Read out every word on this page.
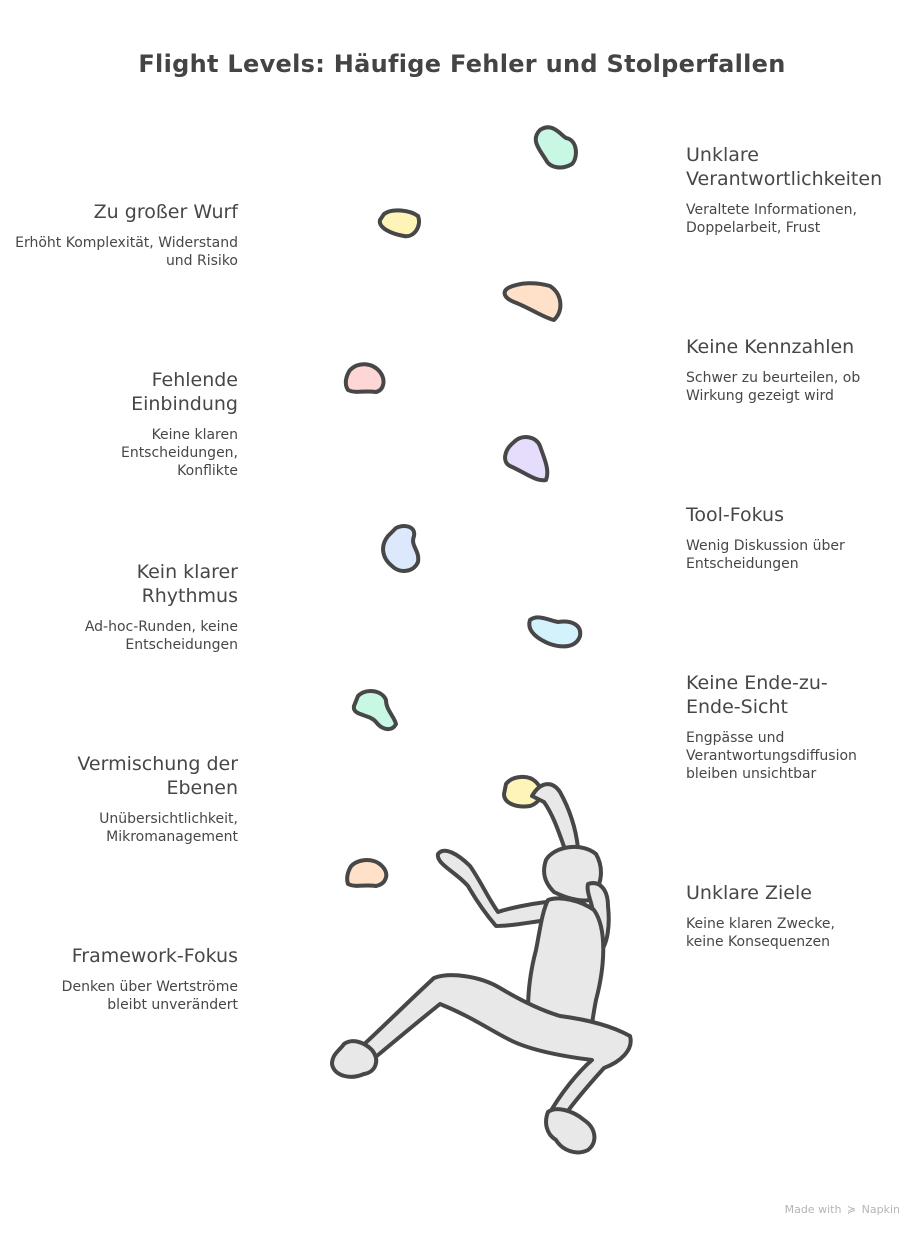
Flight Levels: Häufige Fehler und Stolperfallen
Zu großer Wurf
Erhöht Komplexität, Widerstand und Risiko
Fehlende Einbindung
Keine klaren Entscheidungen, Konflikte
Kein klarer Rhythmus
Ad-hoc-Runden, keine Entscheidungen
Vermischung der Ebenen
Unübersichtlichkeit, Mikromanagement
Framework-Fokus
Denken über Wertströme bleibt unverändert
Unklare Verantwortlichkeiten
Veraltete Informationen, Doppelarbeit, Frust
Keine Kennzahlen
Schwer zu beurteilen, ob Wirkung gezeigt wird
Tool-Fokus
Wenig Diskussion über Entscheidungen
Keine Ende-zu-Ende-Sicht
Engpässe und Verantwortungsdiffusion bleiben unsichtbar
Unklare Ziele
Keine klaren Zwecke, keine Konsequenzen
Made with ≽ Napkin
